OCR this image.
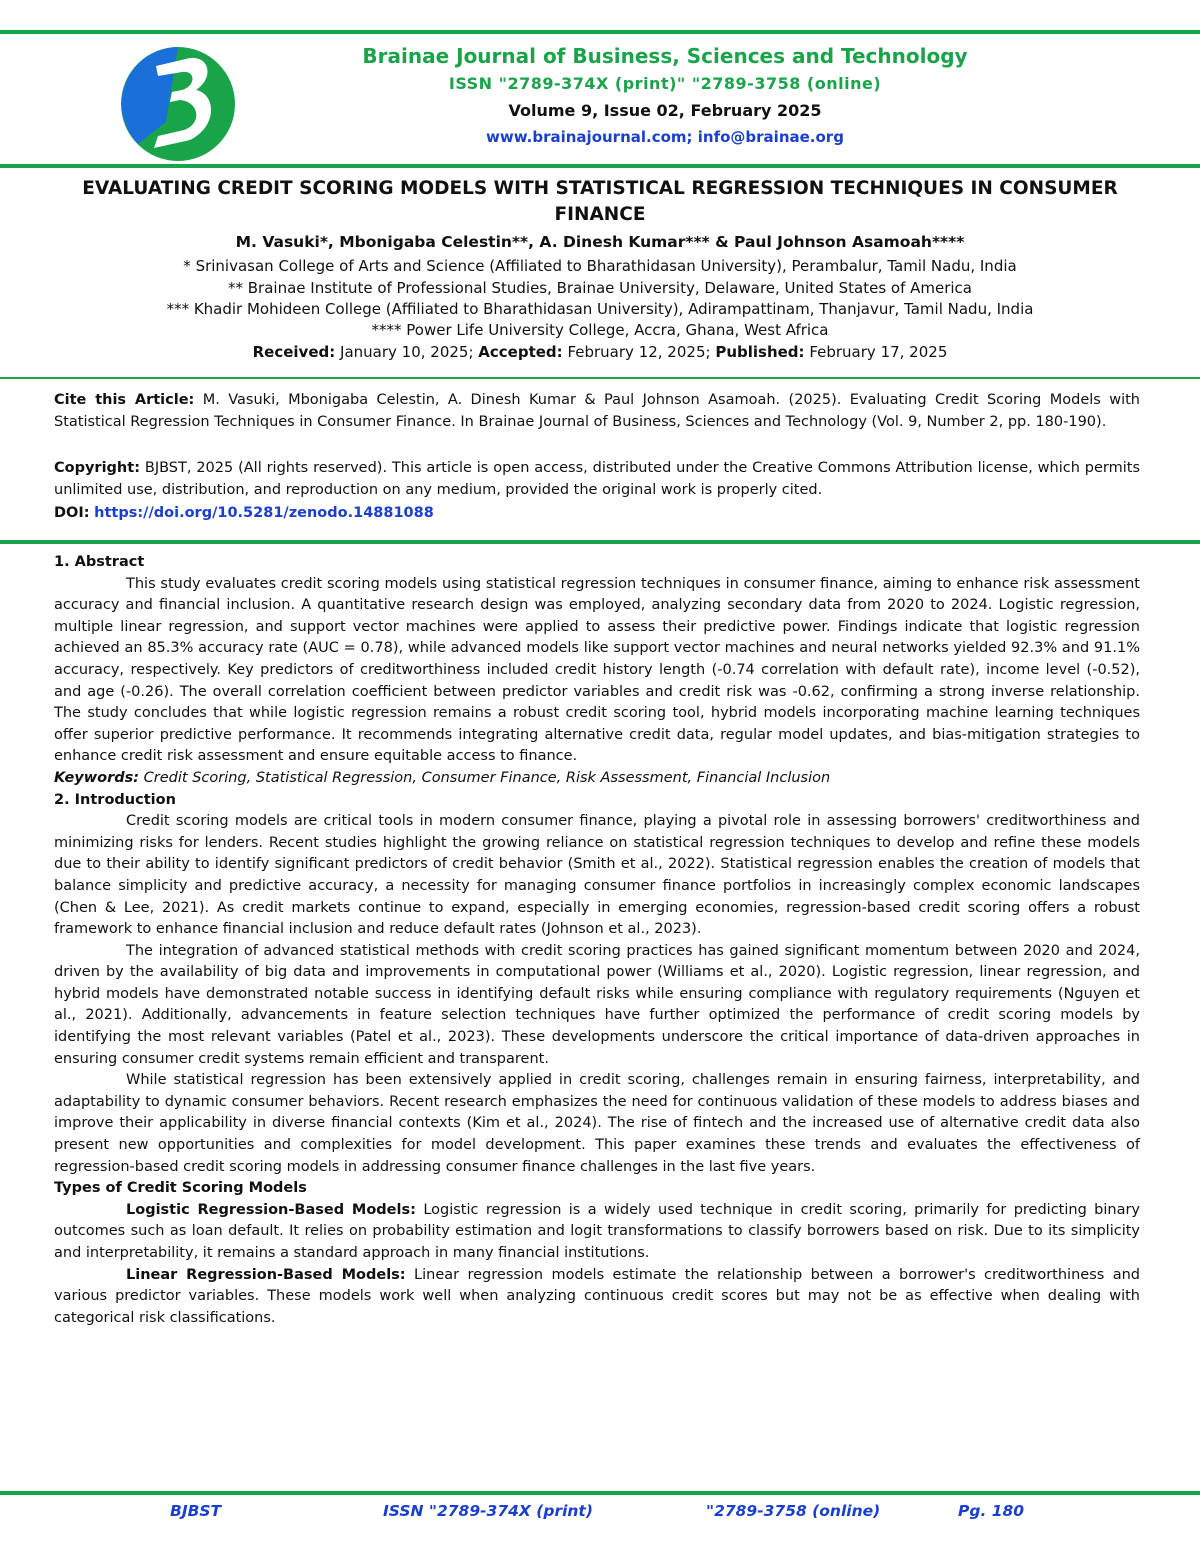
Brainae Journal of Business, Sciences and Technology
ISSN "2789-374X (print)" "2789-3758 (online)
Volume 9, Issue 02, February 2025
www.brainajournal.com; info@brainae.org
EVALUATING CREDIT SCORING MODELS WITH STATISTICAL REGRESSION TECHNIQUES IN CONSUMER FINANCE
M. Vasuki*, Mbonigaba Celestin**, A. Dinesh Kumar*** & Paul Johnson Asamoah****
* Srinivasan College of Arts and Science (Affiliated to Bharathidasan University), Perambalur, Tamil Nadu, India
** Brainae Institute of Professional Studies, Brainae University, Delaware, United States of America
*** Khadir Mohideen College (Affiliated to Bharathidasan University), Adirampattinam, Thanjavur, Tamil Nadu, India
**** Power Life University College, Accra, Ghana, West Africa
Received: January 10, 2025; Accepted: February 12, 2025; Published: February 17, 2025
Cite this Article: M. Vasuki, Mbonigaba Celestin, A. Dinesh Kumar & Paul Johnson Asamoah. (2025). Evaluating Credit Scoring Models with Statistical Regression Techniques in Consumer Finance. In Brainae Journal of Business, Sciences and Technology (Vol. 9, Number 2, pp. 180-190).
Copyright: BJBST, 2025 (All rights reserved). This article is open access, distributed under the Creative Commons Attribution license, which permits unlimited use, distribution, and reproduction on any medium, provided the original work is properly cited.
DOI: https://doi.org/10.5281/zenodo.14881088
1. Abstract

This study evaluates credit scoring models using statistical regression techniques in consumer finance, aiming to enhance risk assessment accuracy and financial inclusion. A quantitative research design was employed, analyzing secondary data from 2020 to 2024. Logistic regression, multiple linear regression, and support vector machines were applied to assess their predictive power. Findings indicate that logistic regression achieved an 85.3% accuracy rate (AUC = 0.78), while advanced models like support vector machines and neural networks yielded 92.3% and 91.1% accuracy, respectively. Key predictors of creditworthiness included credit history length (-0.74 correlation with default rate), income level (-0.52), and age (-0.26). The overall correlation coefficient between predictor variables and credit risk was -0.62, confirming a strong inverse relationship. The study concludes that while logistic regression remains a robust credit scoring tool, hybrid models incorporating machine learning techniques offer superior predictive performance. It recommends integrating alternative credit data, regular model updates, and bias-mitigation strategies to enhance credit risk assessment and ensure equitable access to finance.

Keywords: Credit Scoring, Statistical Regression, Consumer Finance, Risk Assessment, Financial Inclusion

2. Introduction

Credit scoring models are critical tools in modern consumer finance, playing a pivotal role in assessing borrowers' creditworthiness and minimizing risks for lenders. Recent studies highlight the growing reliance on statistical regression techniques to develop and refine these models due to their ability to identify significant predictors of credit behavior (Smith et al., 2022). Statistical regression enables the creation of models that balance simplicity and predictive accuracy, a necessity for managing consumer finance portfolios in increasingly complex economic landscapes (Chen & Lee, 2021). As credit markets continue to expand, especially in emerging economies, regression-based credit scoring offers a robust framework to enhance financial inclusion and reduce default rates (Johnson et al., 2023).

The integration of advanced statistical methods with credit scoring practices has gained significant momentum between 2020 and 2024, driven by the availability of big data and improvements in computational power (Williams et al., 2020). Logistic regression, linear regression, and hybrid models have demonstrated notable success in identifying default risks while ensuring compliance with regulatory requirements (Nguyen et al., 2021). Additionally, advancements in feature selection techniques have further optimized the performance of credit scoring models by identifying the most relevant variables (Patel et al., 2023). These developments underscore the critical importance of data-driven approaches in ensuring consumer credit systems remain efficient and transparent.

While statistical regression has been extensively applied in credit scoring, challenges remain in ensuring fairness, interpretability, and adaptability to dynamic consumer behaviors. Recent research emphasizes the need for continuous validation of these models to address biases and improve their applicability in diverse financial contexts (Kim et al., 2024). The rise of fintech and the increased use of alternative credit data also present new opportunities and complexities for model development. This paper examines these trends and evaluates the effectiveness of regression-based credit scoring models in addressing consumer finance challenges in the last five years.

Types of Credit Scoring Models

Logistic Regression-Based Models: Logistic regression is a widely used technique in credit scoring, primarily for predicting binary outcomes such as loan default. It relies on probability estimation and logit transformations to classify borrowers based on risk. Due to its simplicity and interpretability, it remains a standard approach in many financial institutions.

Linear Regression-Based Models: Linear regression models estimate the relationship between a borrower's creditworthiness and various predictor variables. These models work well when analyzing continuous credit scores but may not be as effective when dealing with categorical risk classifications.

BJBST	ISSN "2789-374X (print)	"2789-3758 (online)	Pg. 180
